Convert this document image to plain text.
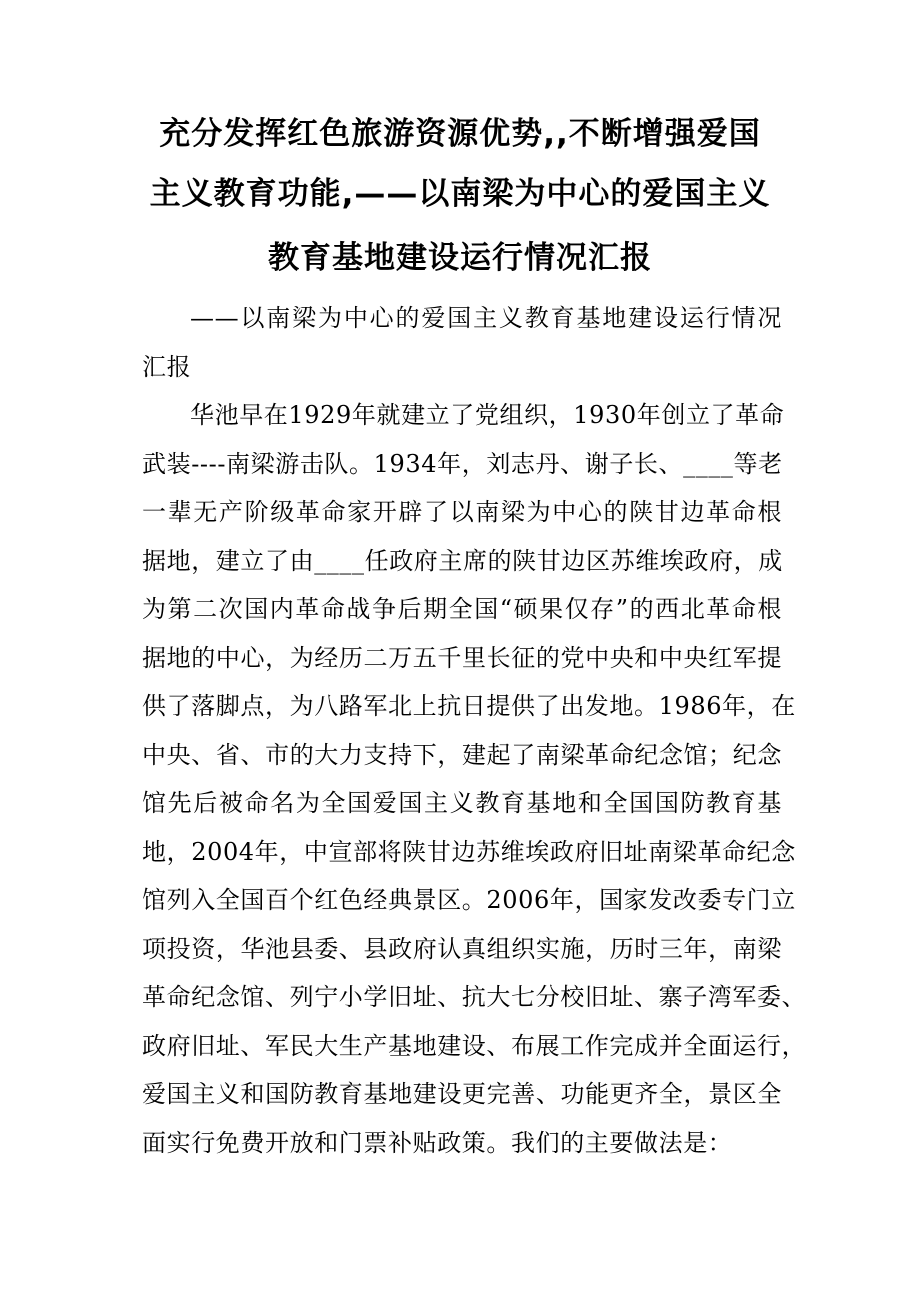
充分发挥红色旅游资源优势,,不断增强爱国
主义教育功能,——以南梁为中心的爱国主义
教育基地建设运行情况汇报
——以南梁为中心的爱国主义教育基地建设运行情况
汇报
华池早在1929年就建立了党组织，1930年创立了革命
武装----南梁游击队。1934年，刘志丹、谢子长、____等老
一辈无产阶级革命家开辟了以南梁为中心的陕甘边革命根
据地，建立了由____任政府主席的陕甘边区苏维埃政府，成
为第二次国内革命战争后期全国“硕果仅存”的西北革命根
据地的中心，为经历二万五千里长征的党中央和中央红军提
供了落脚点，为八路军北上抗日提供了出发地。1986年，在
中央、省、市的大力支持下，建起了南梁革命纪念馆；纪念
馆先后被命名为全国爱国主义教育基地和全国国防教育基
地，2004年，中宣部将陕甘边苏维埃政府旧址南梁革命纪念
馆列入全国百个红色经典景区。2006年，国家发改委专门立
项投资，华池县委、县政府认真组织实施，历时三年，南梁
革命纪念馆、列宁小学旧址、抗大七分校旧址、寨子湾军委、
政府旧址、军民大生产基地建设、布展工作完成并全面运行，
爱国主义和国防教育基地建设更完善、功能更齐全，景区全
面实行免费开放和门票补贴政策。我们的主要做法是：
